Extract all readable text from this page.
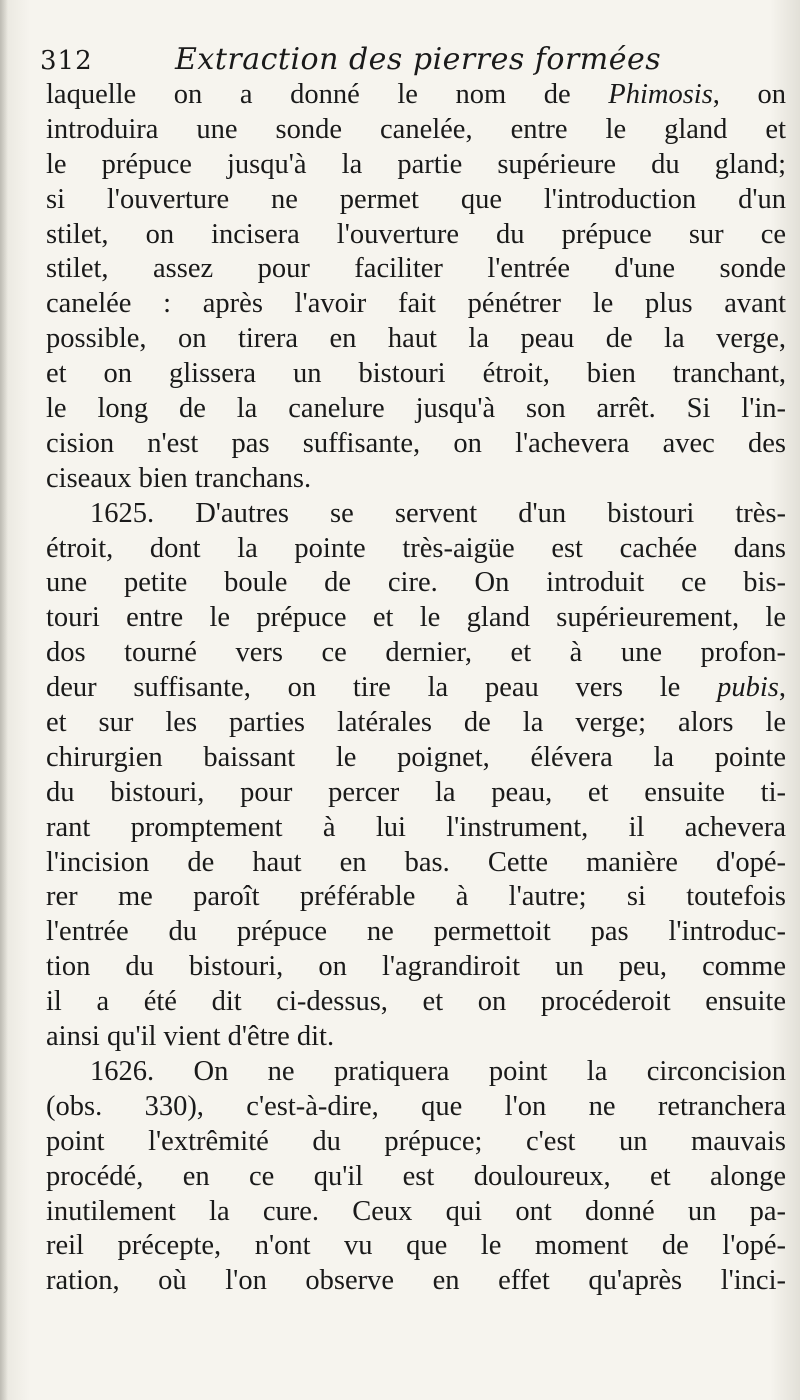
312	Extraction des pierres formées
laquelle on a donné le nom de Phimosis, on
introduira une sonde canelée, entre le gland et
le prépuce jusqu'à la partie supérieure du gland;
si l'ouverture ne permet que l'introduction d'un
stilet, on incisera l'ouverture du prépuce sur ce
stilet, assez pour faciliter l'entrée d'une sonde
canelée : après l'avoir fait pénétrer le plus avant
possible, on tirera en haut la peau de la verge,
et on glissera un bistouri étroit, bien tranchant,
le long de la canelure jusqu'à son arrêt. Si l'in-
cision n'est pas suffisante, on l'achevera avec des
ciseaux bien tranchans.
1625. D'autres se servent d'un bistouri très-
étroit, dont la pointe très-aigüe est cachée dans
une petite boule de cire. On introduit ce bis-
touri entre le prépuce et le gland supérieurement, le
dos tourné vers ce dernier, et à une profon-
deur suffisante, on tire la peau vers le pubis,
et sur les parties latérales de la verge; alors le
chirurgien baissant le poignet, élévera la pointe
du bistouri, pour percer la peau, et ensuite ti-
rant promptement à lui l'instrument, il achevera
l'incision de haut en bas. Cette manière d'opé-
rer me paroît préférable à l'autre; si toutefois
l'entrée du prépuce ne permettoit pas l'introduc-
tion du bistouri, on l'agrandiroit un peu, comme
il a été dit ci-dessus, et on procéderoit ensuite
ainsi qu'il vient d'être dit.
1626. On ne pratiquera point la circoncision
(obs. 330), c'est-à-dire, que l'on ne retranchera
point l'extrêmité du prépuce; c'est un mauvais
procédé, en ce qu'il est douloureux, et alonge
inutilement la cure. Ceux qui ont donné un pa-
reil précepte, n'ont vu que le moment de l'opé-
ration, où l'on observe en effet qu'après l'inci-
